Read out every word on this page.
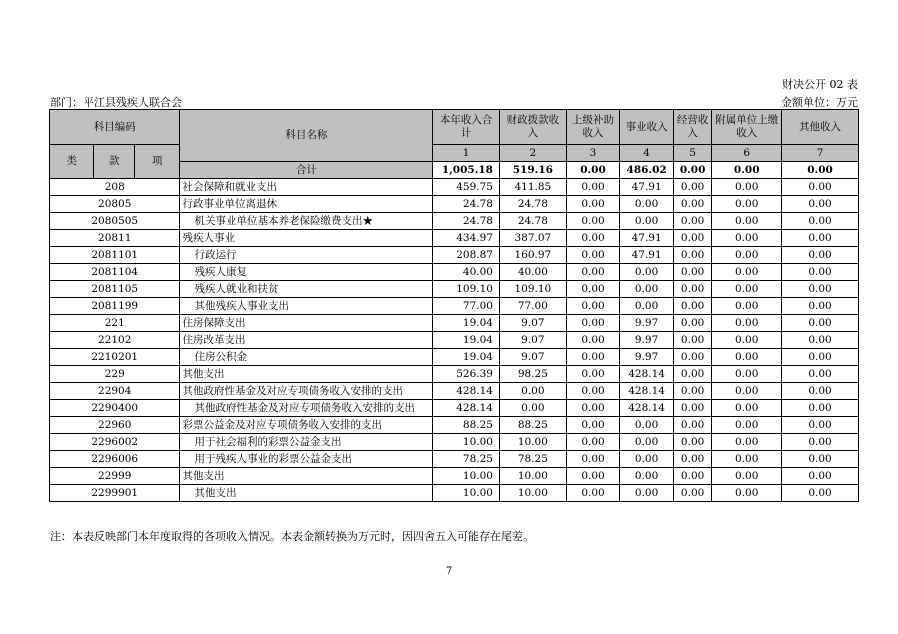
财决公开 02 表
部门：平江县残疾人联合会	金额单位：万元
科目编码			科目名称	本年收入合计	财政拨款收入	上级补助收入	事业收入	经营收入	附属单位上缴收入	其他收入
类	款	项		1	2	3	4	5	6	7
			合计	1,005.18	519.16	0.00	486.02	0.00	0.00	0.00
208			社会保障和就业支出	459.75	411.85	0.00	47.91	0.00	0.00	0.00
20805			行政事业单位离退休	24.78	24.78	0.00	0.00	0.00	0.00	0.00
2080505			机关事业单位基本养老保险缴费支出★	24.78	24.78	0.00	0.00	0.00	0.00	0.00
20811			残疾人事业	434.97	387.07	0.00	47.91	0.00	0.00	0.00
2081101			行政运行	208.87	160.97	0.00	47.91	0.00	0.00	0.00
2081104			残疾人康复	40.00	40.00	0.00	0.00	0.00	0.00	0.00
2081105			残疾人就业和扶贫	109.10	109.10	0.00	0.00	0.00	0.00	0.00
2081199			其他残疾人事业支出	77.00	77.00	0.00	0.00	0.00	0.00	0.00
221			住房保障支出	19.04	9.07	0.00	9.97	0.00	0.00	0.00
22102			住房改革支出	19.04	9.07	0.00	9.97	0.00	0.00	0.00
2210201			住房公积金	19.04	9.07	0.00	9.97	0.00	0.00	0.00
229			其他支出	526.39	98.25	0.00	428.14	0.00	0.00	0.00
22904			其他政府性基金及对应专项债务收入安排的支出	428.14	0.00	0.00	428.14	0.00	0.00	0.00
2290400			其他政府性基金及对应专项债务收入安排的支出	428.14	0.00	0.00	428.14	0.00	0.00	0.00
22960			彩票公益金及对应专项债务收入安排的支出	88.25	88.25	0.00	0.00	0.00	0.00	0.00
2296002			用于社会福利的彩票公益金支出	10.00	10.00	0.00	0.00	0.00	0.00	0.00
2296006			用于残疾人事业的彩票公益金支出	78.25	78.25	0.00	0.00	0.00	0.00	0.00
22999			其他支出	10.00	10.00	0.00	0.00	0.00	0.00	0.00
2299901			其他支出	10.00	10.00	0.00	0.00	0.00	0.00	0.00
注：本表反映部门本年度取得的各项收入情况。本表金额转换为万元时，因四舍五入可能存在尾差。
7
